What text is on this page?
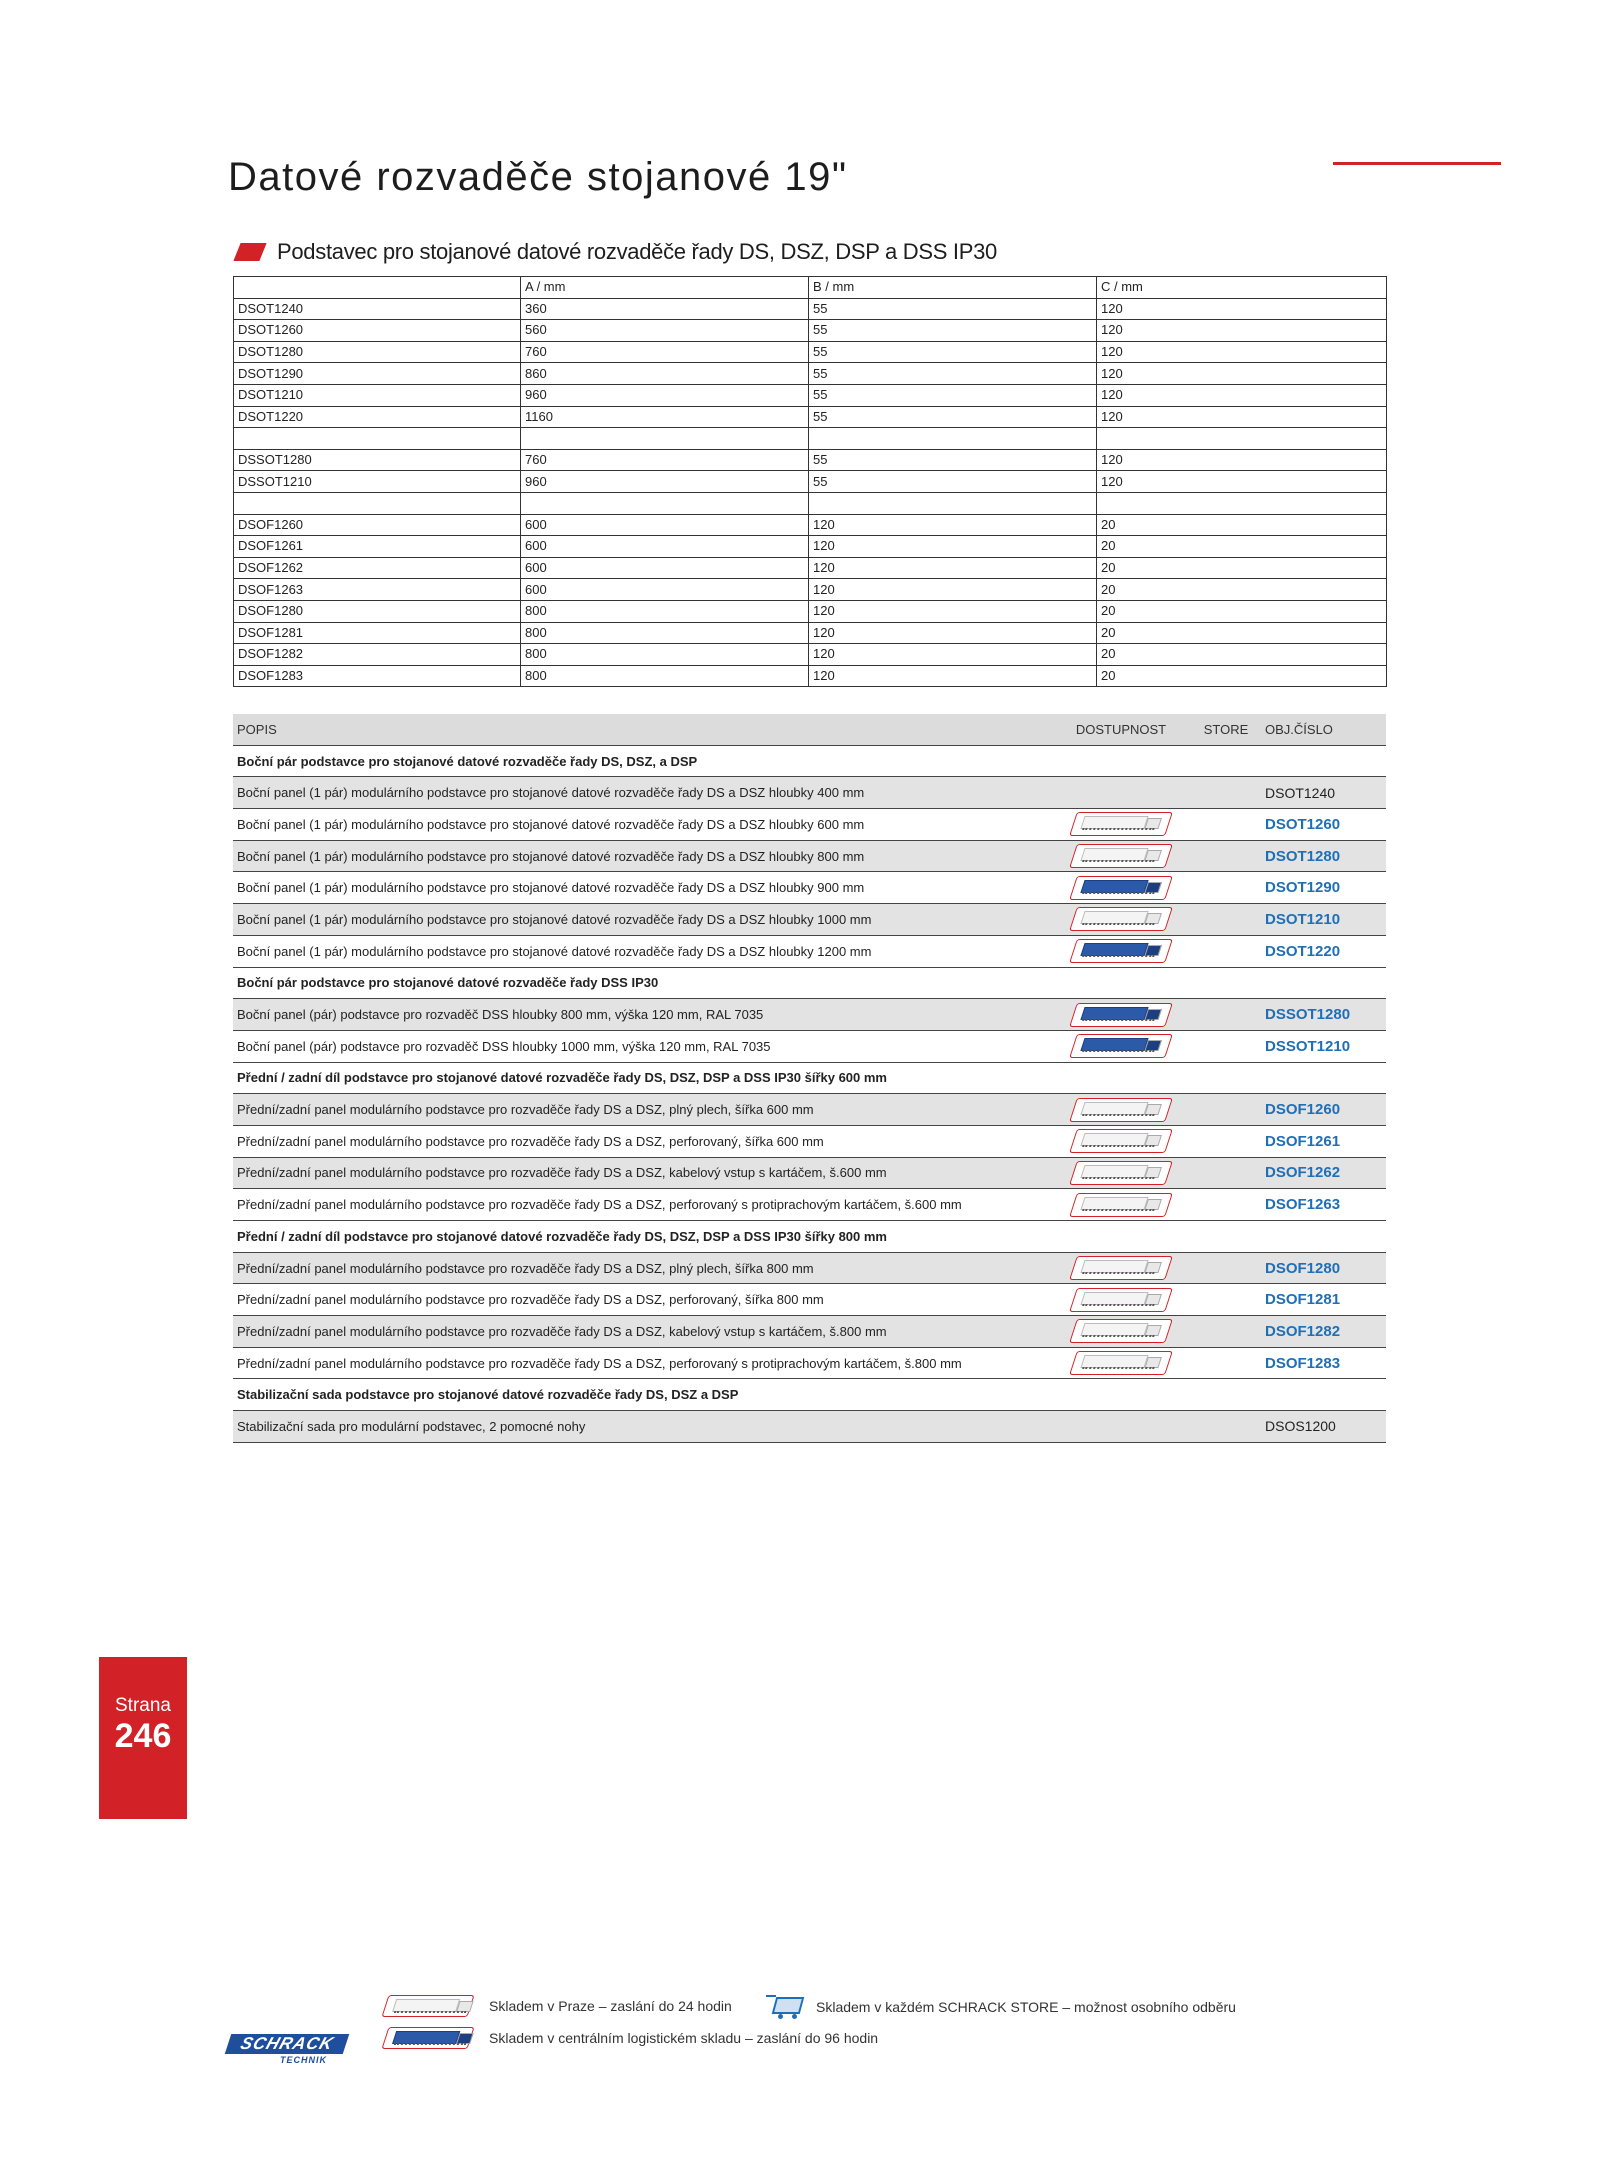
Datové rozvaděče stojanové 19"
Podstavec pro stojanové datové rozvaděče řady DS, DSZ, DSP a DSS IP30
	A / mm	B / mm	C / mm
DSOT1240	360	55	120
DSOT1260	560	55	120
DSOT1280	760	55	120
DSOT1290	860	55	120
DSOT1210	960	55	120
DSOT1220	1160	55	120

DSSOT1280	760	55	120
DSSOT1210	960	55	120

DSOF1260	600	120	20
DSOF1261	600	120	20
DSOF1262	600	120	20
DSOF1263	600	120	20
DSOF1280	800	120	20
DSOF1281	800	120	20
DSOF1282	800	120	20
DSOF1283	800	120	20
POPIS	DOSTUPNOST	STORE	OBJ.ČÍSLO
Boční pár podstavce pro stojanové datové rozvaděče řady DS, DSZ, a DSP			
Boční panel (1 pár) modulárního podstavce pro stojanové datové rozvaděče řady DS a DSZ hloubky 400 mm			DSOT1240
Boční panel (1 pár) modulárního podstavce pro stojanové datové rozvaděče řady DS a DSZ hloubky 600 mm			DSOT1260
Boční panel (1 pár) modulárního podstavce pro stojanové datové rozvaděče řady DS a DSZ hloubky 800 mm			DSOT1280
Boční panel (1 pár) modulárního podstavce pro stojanové datové rozvaděče řady DS a DSZ hloubky 900 mm			DSOT1290
Boční panel (1 pár) modulárního podstavce pro stojanové datové rozvaděče řady DS a DSZ hloubky 1000 mm			DSOT1210
Boční panel (1 pár) modulárního podstavce pro stojanové datové rozvaděče řady DS a DSZ hloubky 1200 mm			DSOT1220
Boční pár podstavce pro stojanové datové rozvaděče řady DSS IP30			
Boční panel (pár) podstavce pro rozvaděč DSS hloubky 800 mm, výška 120 mm, RAL 7035			DSSOT1280
Boční panel (pár) podstavce pro rozvaděč DSS hloubky 1000 mm, výška 120 mm, RAL 7035			DSSOT1210
Přední / zadní díl podstavce pro stojanové datové rozvaděče řady DS, DSZ, DSP a DSS IP30 šířky 600 mm			
Přední/zadní panel modulárního podstavce pro rozvaděče řady DS a DSZ, plný plech, šířka 600 mm			DSOF1260
Přední/zadní panel modulárního podstavce pro rozvaděče řady DS a DSZ, perforovaný, šířka 600 mm			DSOF1261
Přední/zadní panel modulárního podstavce pro rozvaděče řady DS a DSZ, kabelový vstup s kartáčem, š.600 mm			DSOF1262
Přední/zadní panel modulárního podstavce pro rozvaděče řady DS a DSZ, perforovaný s protiprachovým kartáčem, š.600 mm			DSOF1263
Přední / zadní díl podstavce pro stojanové datové rozvaděče řady DS, DSZ, DSP a DSS IP30 šířky 800 mm			
Přední/zadní panel modulárního podstavce pro rozvaděče řady DS a DSZ, plný plech, šířka 800 mm			DSOF1280
Přední/zadní panel modulárního podstavce pro rozvaděče řady DS a DSZ, perforovaný, šířka 800 mm			DSOF1281
Přední/zadní panel modulárního podstavce pro rozvaděče řady DS a DSZ, kabelový vstup s kartáčem, š.800 mm			DSOF1282
Přední/zadní panel modulárního podstavce pro rozvaděče řady DS a DSZ, perforovaný s protiprachovým kartáčem, š.800 mm			DSOF1283
Stabilizační sada podstavce pro stojanové datové rozvaděče řady DS, DSZ a DSP			
Stabilizační sada pro modulární podstavec, 2 pomocné nohy			DSOS1200
Strana
246
Skladem v Praze – zaslání do 24 hodin	Skladem v každém SCHRACK STORE – možnost osobního odběru
Skladem v centrálním logistickém skladu – zaslání do 96 hodin
SCHRACK
TECHNIK
